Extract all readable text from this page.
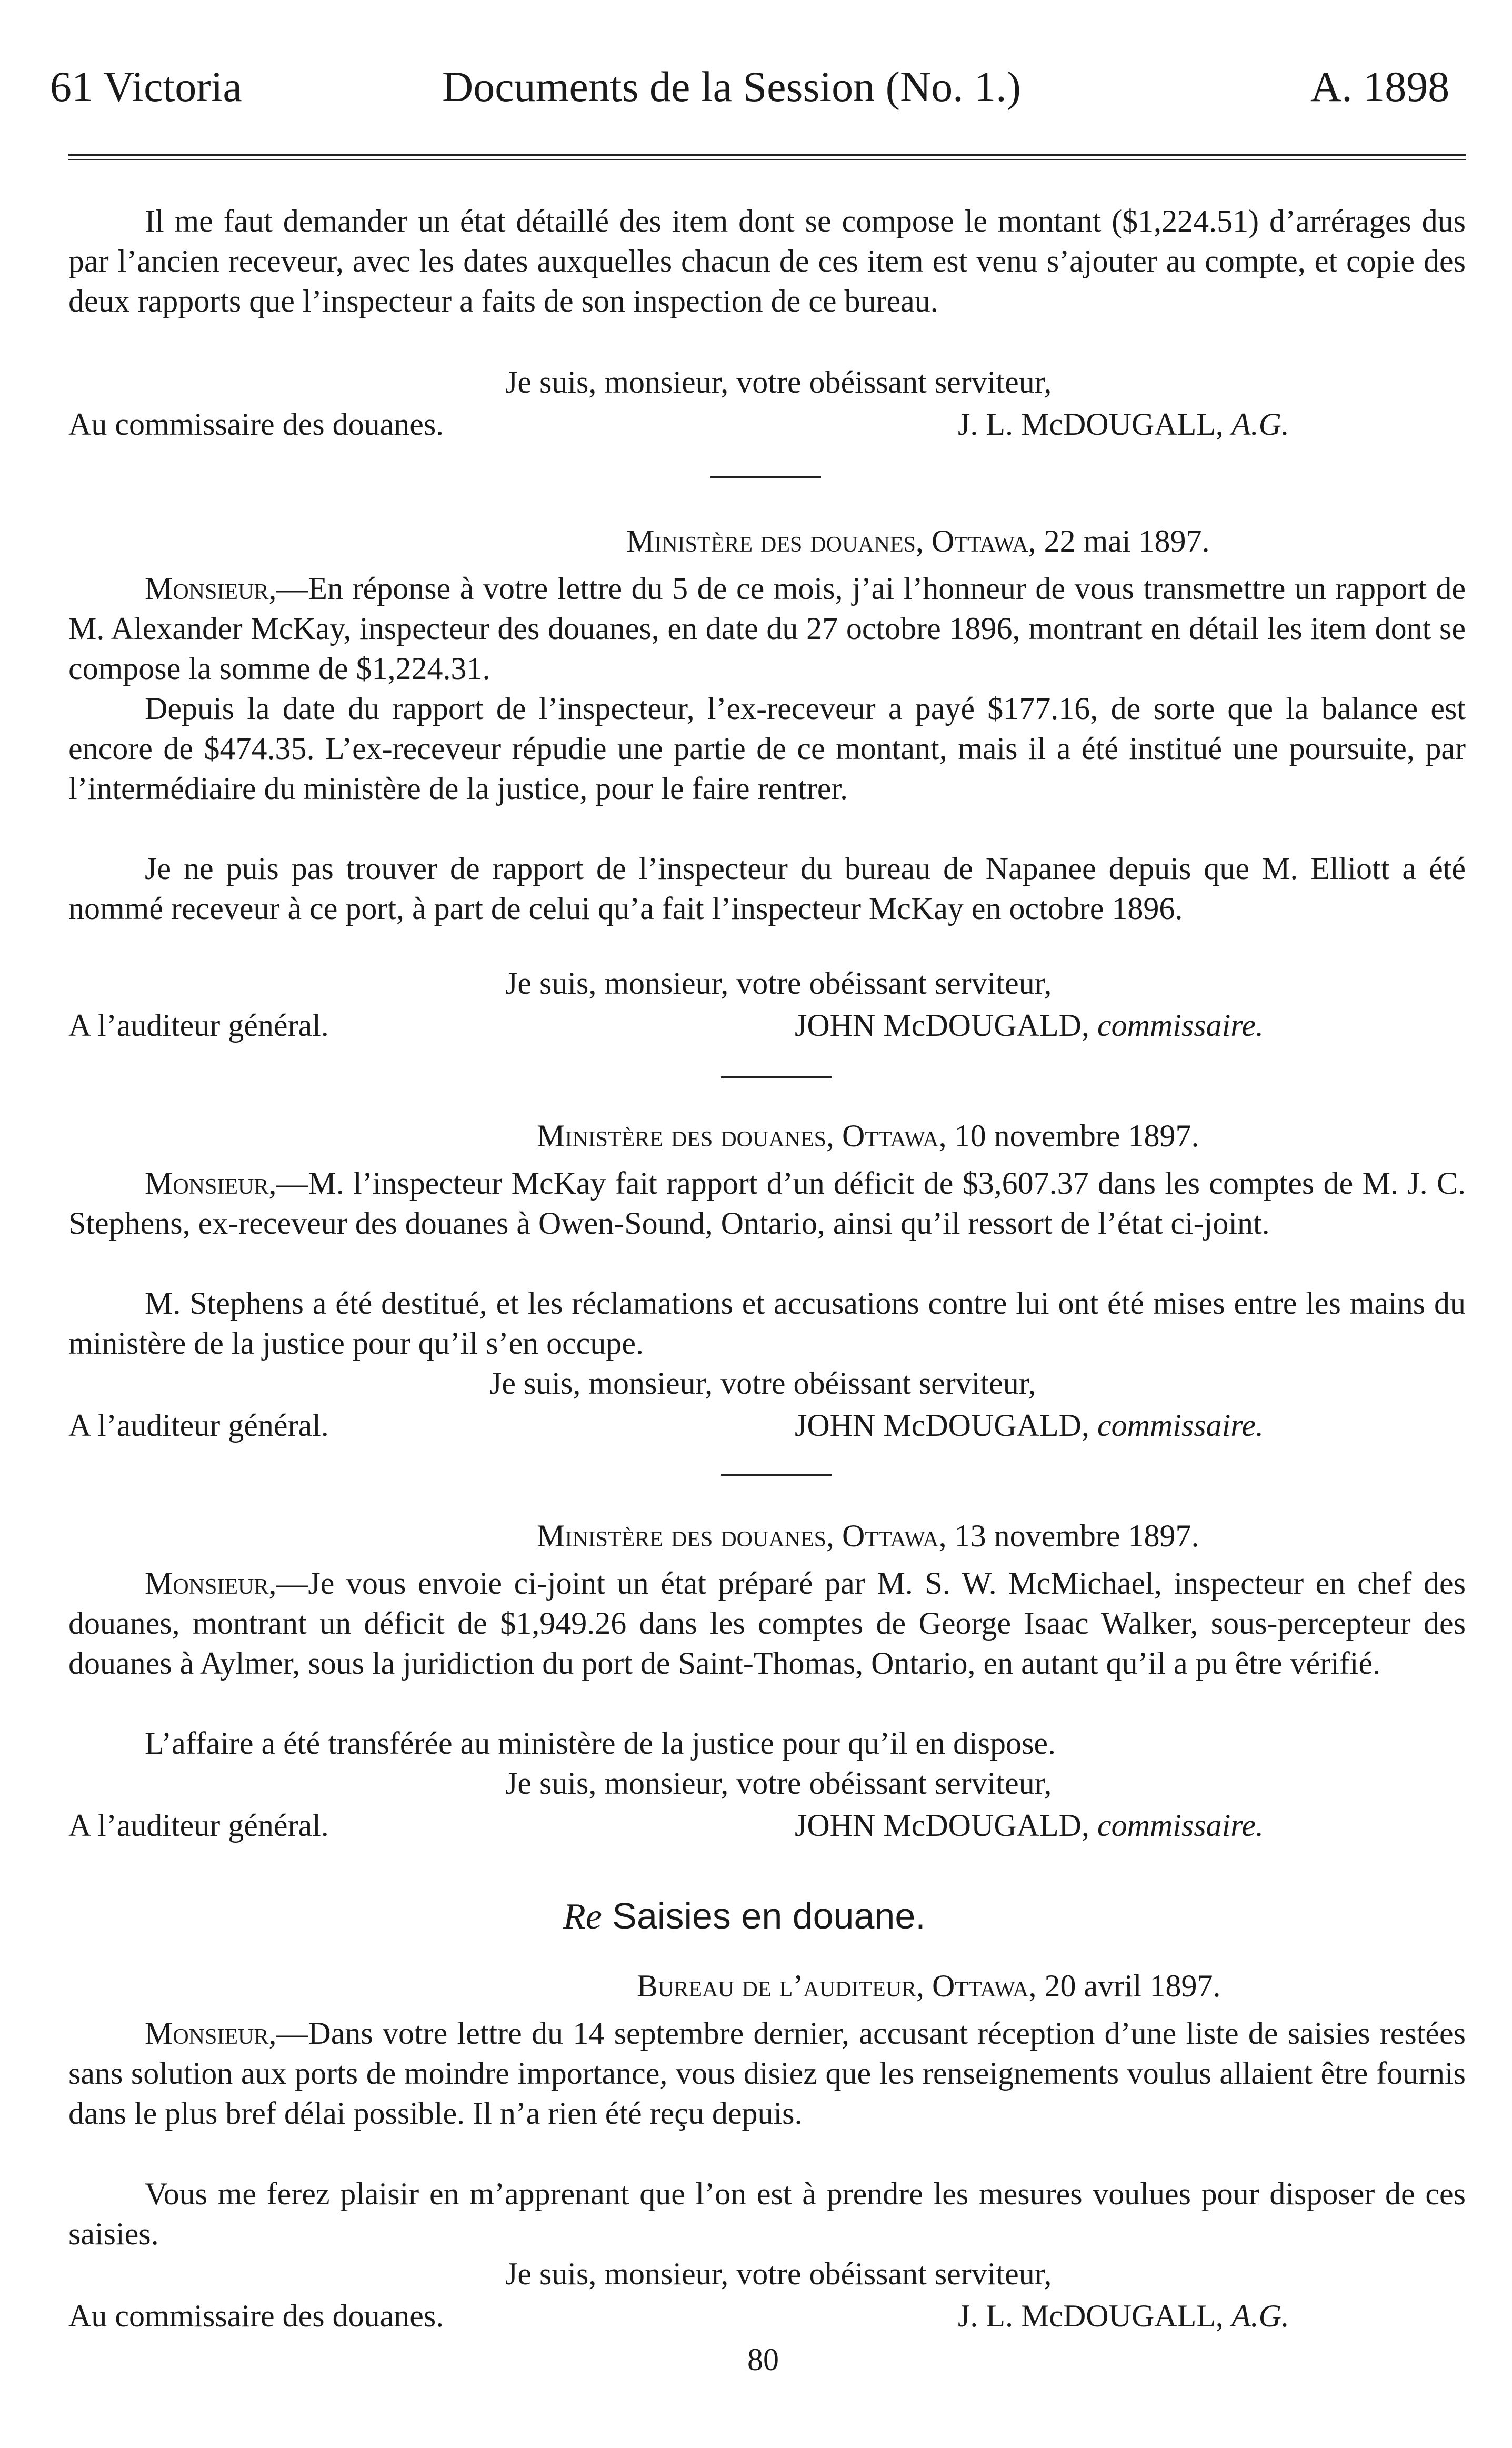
61 Victoria	Documents de la Session (No. 1.)	A. 1898
Il me faut demander un état détaillé des item dont se compose le montant ($1,224.51) d’arrérages dus par l’ancien receveur, avec les dates auxquelles chacun de ces item est venu s’ajouter au compte, et copie des deux rapports que l’inspecteur a faits de son inspection de ce bureau.
Je suis, monsieur, votre obéissant serviteur,
Au commissaire des douanes.	J. L. McDOUGALL, A.G.
Ministère des douanes, Ottawa, 22 mai 1897.
Monsieur,—En réponse à votre lettre du 5 de ce mois, j’ai l’honneur de vous transmettre un rapport de M. Alexander McKay, inspecteur des douanes, en date du 27 octobre 1896, montrant en détail les item dont se compose la somme de $1,224.31.
Depuis la date du rapport de l’inspecteur, l’ex-receveur a payé $177.16, de sorte que la balance est encore de $474.35. L’ex-receveur répudie une partie de ce montant, mais il a été institué une poursuite, par l’intermédiaire du ministère de la justice, pour le faire rentrer.
Je ne puis pas trouver de rapport de l’inspecteur du bureau de Napanee depuis que M. Elliott a été nommé receveur à ce port, à part de celui qu’a fait l’inspecteur McKay en octobre 1896.
Je suis, monsieur, votre obéissant serviteur,
A l’auditeur général.	JOHN McDOUGALD, commissaire.
Ministère des douanes, Ottawa, 10 novembre 1897.
Monsieur,—M. l’inspecteur McKay fait rapport d’un déficit de $3,607.37 dans les comptes de M. J. C. Stephens, ex-receveur des douanes à Owen-Sound, Ontario, ainsi qu’il ressort de l’état ci-joint.
M. Stephens a été destitué, et les réclamations et accusations contre lui ont été mises entre les mains du ministère de la justice pour qu’il s’en occupe.
Je suis, monsieur, votre obéissant serviteur,
A l’auditeur général.	JOHN McDOUGALD, commissaire.
Ministère des douanes, Ottawa, 13 novembre 1897.
Monsieur,—Je vous envoie ci-joint un état préparé par M. S. W. McMichael, inspecteur en chef des douanes, montrant un déficit de $1,949.26 dans les comptes de George Isaac Walker, sous-percepteur des douanes à Aylmer, sous la juridiction du port de Saint-Thomas, Ontario, en autant qu’il a pu être vérifié.
L’affaire a été transférée au ministère de la justice pour qu’il en dispose.
Je suis, monsieur, votre obéissant serviteur,
A l’auditeur général.	JOHN McDOUGALD, commissaire.
Re Saisies en douane.
Bureau de l’auditeur, Ottawa, 20 avril 1897.
Monsieur,—Dans votre lettre du 14 septembre dernier, accusant réception d’une liste de saisies restées sans solution aux ports de moindre importance, vous disiez que les renseignements voulus allaient être fournis dans le plus bref délai possible. Il n’a rien été reçu depuis.
Vous me ferez plaisir en m’apprenant que l’on est à prendre les mesures voulues pour disposer de ces saisies.
Je suis, monsieur, votre obéissant serviteur,
Au commissaire des douanes.	J. L. McDOUGALL, A.G.
80
